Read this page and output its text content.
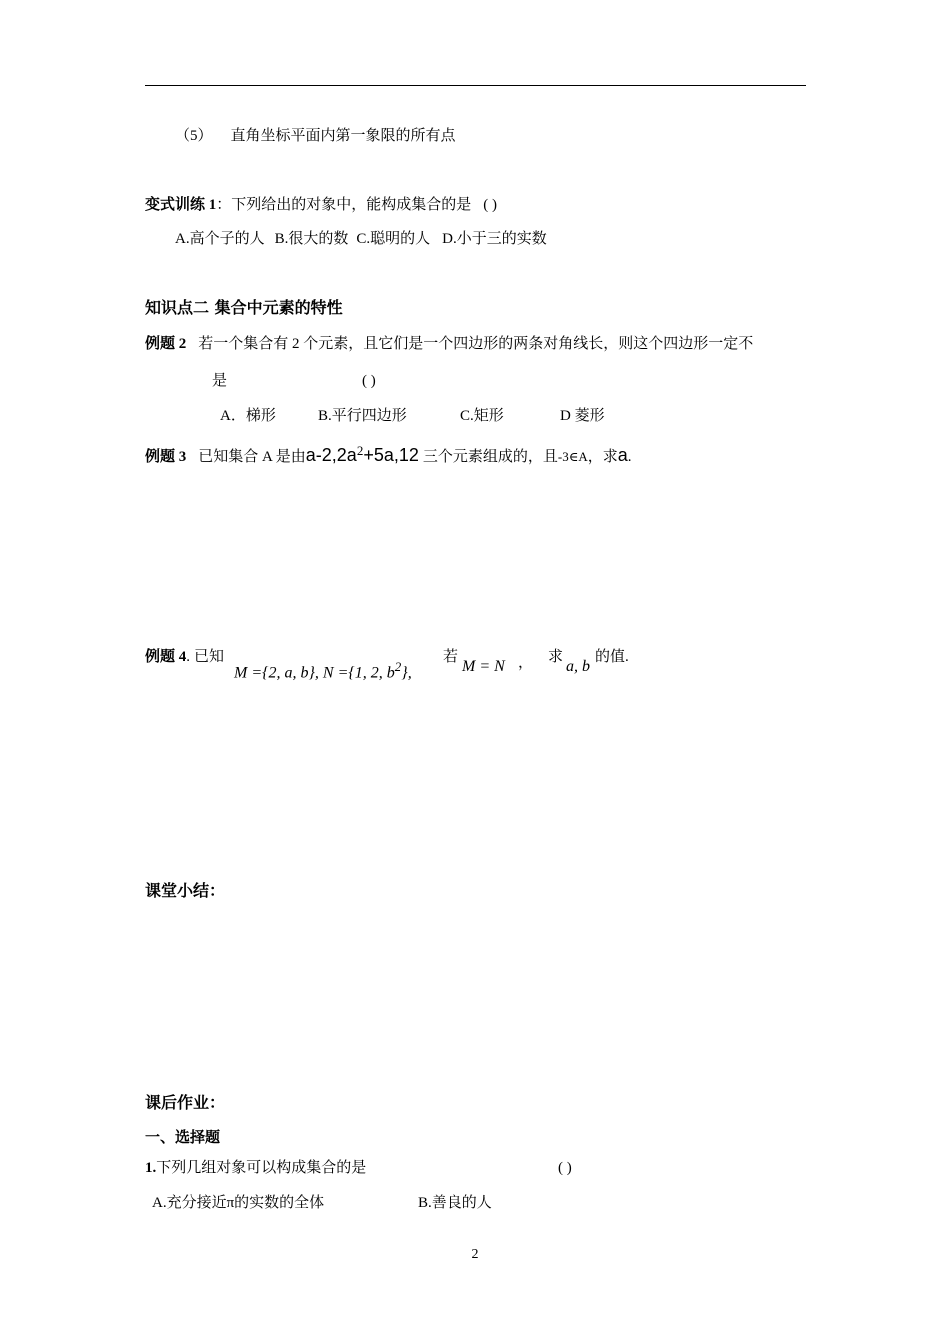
（5） 直角坐标平面内第一象限的所有点
变式训练 1：下列给出的对象中，能构成集合的是 ( )
A.高个子的人 B.很大的数 C.聪明的人 D.小于三的实数
知识点二 集合中元素的特性
例题 2 若一个集合有 2 个元素，且它们是一个四边形的两条对角线长，则这个四边形一定不
是	( )
A．梯形	B.平行四边形	C.矩形	D 菱形
例题 3 已知集合 A 是由$a-2,2a^2+5a,12$ 三个元素组成的，且-3∈A，求a.
例题 4. 已知
M ={2, a, b}, N ={1, 2, $b^2$},
若
M = N ， 求
a, b
的值.
课堂小结：
课后作业：
一、选择题
1.下列几组对象可以构成集合的是	( )
A.充分接近π的实数的全体	B.善良的人
2
